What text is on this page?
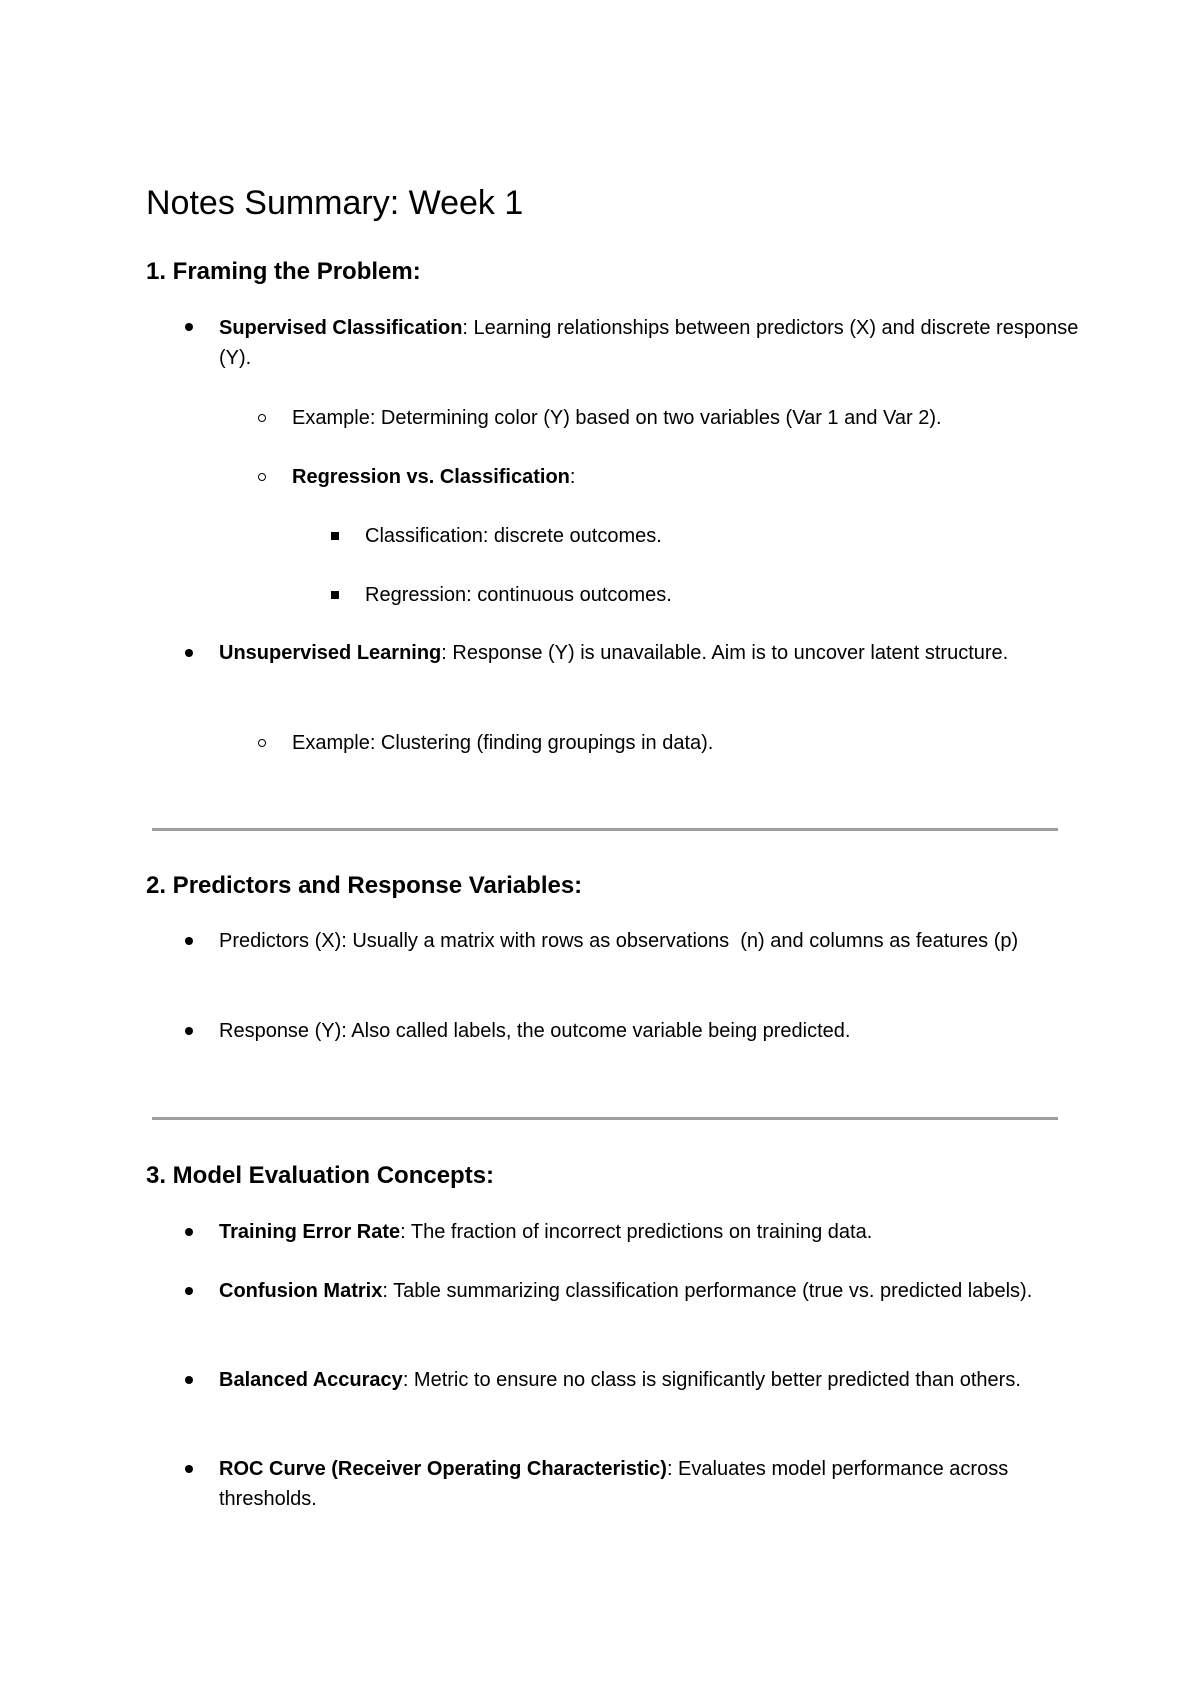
Notes Summary: Week 1
1. Framing the Problem:
Supervised Classification: Learning relationships between predictors (X) and discrete response (Y).
Example: Determining color (Y) based on two variables (Var 1 and Var 2).
Regression vs. Classification:
Classification: discrete outcomes.
Regression: continuous outcomes.
Unsupervised Learning: Response (Y) is unavailable. Aim is to uncover latent structure.
Example: Clustering (finding groupings in data).
2. Predictors and Response Variables:
Predictors (X): Usually a matrix with rows as observations  (n) and columns as features (p)
Response (Y): Also called labels, the outcome variable being predicted.
3. Model Evaluation Concepts:
Training Error Rate: The fraction of incorrect predictions on training data.
Confusion Matrix: Table summarizing classification performance (true vs. predicted labels).
Balanced Accuracy: Metric to ensure no class is significantly better predicted than others.
ROC Curve (Receiver Operating Characteristic): Evaluates model performance across thresholds.
